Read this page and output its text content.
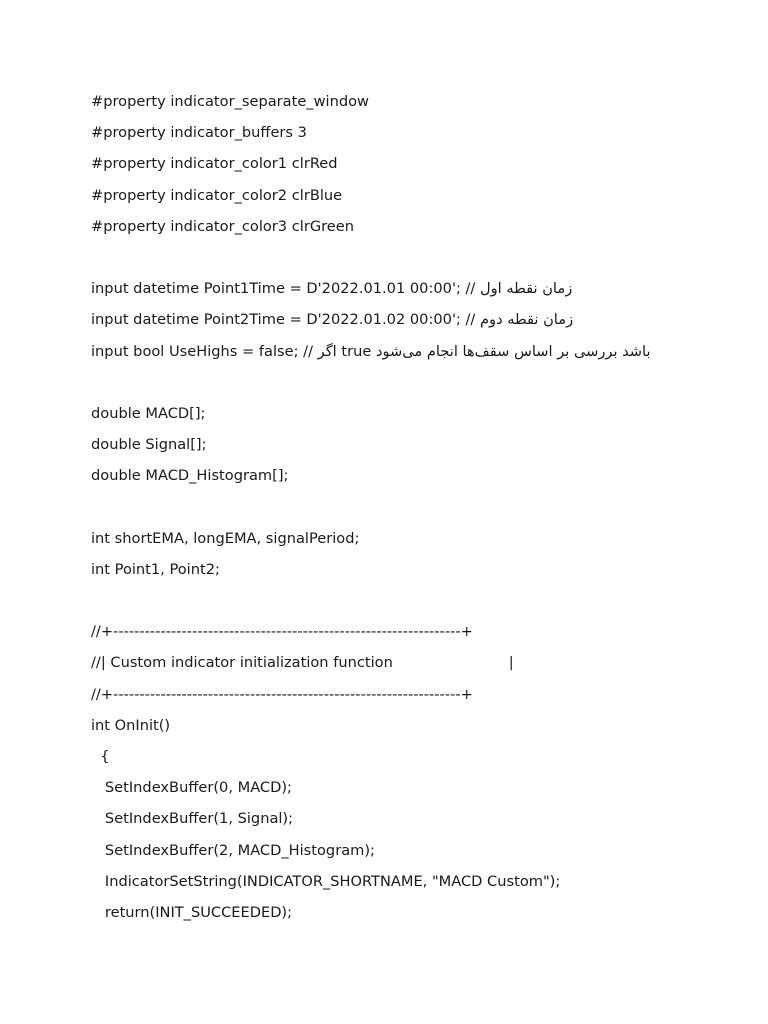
#property indicator_separate_window
#property indicator_buffers 3
#property indicator_color1 clrRed
#property indicator_color2 clrBlue
#property indicator_color3 clrGreen
input datetime Point1Time = D'2022.01.01 00:00'; // زمان نقطه اول
input datetime Point2Time = D'2022.01.02 00:00'; // زمان نقطه دوم
input bool UseHighs = false; // اگر true باشد بررسی بر اساس سقف‌ها انجام می‌شود
double MACD[];
double Signal[];
double MACD_Histogram[];
int shortEMA, longEMA, signalPeriod;
int Point1, Point2;
//+------------------------------------------------------------------+
//| Custom indicator initialization function                         |
//+------------------------------------------------------------------+
int OnInit()
{
SetIndexBuffer(0, MACD);
SetIndexBuffer(1, Signal);
SetIndexBuffer(2, MACD_Histogram);
IndicatorSetString(INDICATOR_SHORTNAME, "MACD Custom");
return(INIT_SUCCEEDED);
